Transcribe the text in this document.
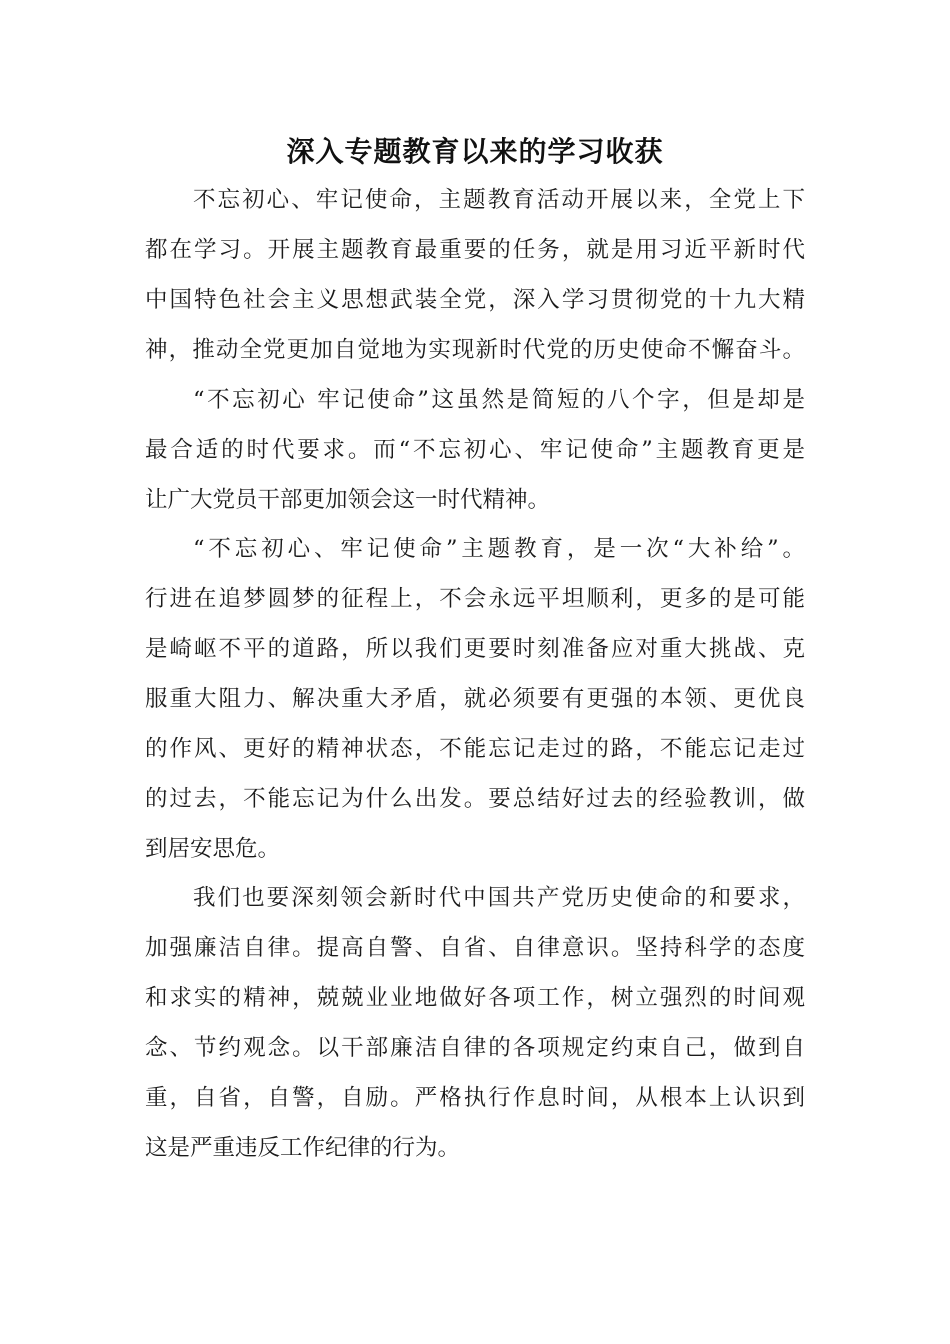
深入专题教育以来的学习收获
不忘初心、牢记使命，主题教育活动开展以来，全党上下
都在学习。开展主题教育最重要的任务，就是用习近平新时代
中国特色社会主义思想武装全党，深入学习贯彻党的十九大精
神，推动全党更加自觉地为实现新时代党的历史使命不懈奋斗。
“不忘初心 牢记使命”这虽然是简短的八个字，但是却是
最合适的时代要求。而“不忘初心、牢记使命”主题教育更是
让广大党员干部更加领会这一时代精神。
“不忘初心、牢记使命”主题教育，是一次“大补给”。
行进在追梦圆梦的征程上，不会永远平坦顺利，更多的是可能
是崎岖不平的道路，所以我们更要时刻准备应对重大挑战、克
服重大阻力、解决重大矛盾，就必须要有更强的本领、更优良
的作风、更好的精神状态，不能忘记走过的路，不能忘记走过
的过去，不能忘记为什么出发。要总结好过去的经验教训，做
到居安思危。
我们也要深刻领会新时代中国共产党历史使命的和要求，
加强廉洁自律。提高自警、自省、自律意识。坚持科学的态度
和求实的精神，兢兢业业地做好各项工作，树立强烈的时间观
念、节约观念。以干部廉洁自律的各项规定约束自己，做到自
重，自省，自警，自励。严格执行作息时间，从根本上认识到
这是严重违反工作纪律的行为。
